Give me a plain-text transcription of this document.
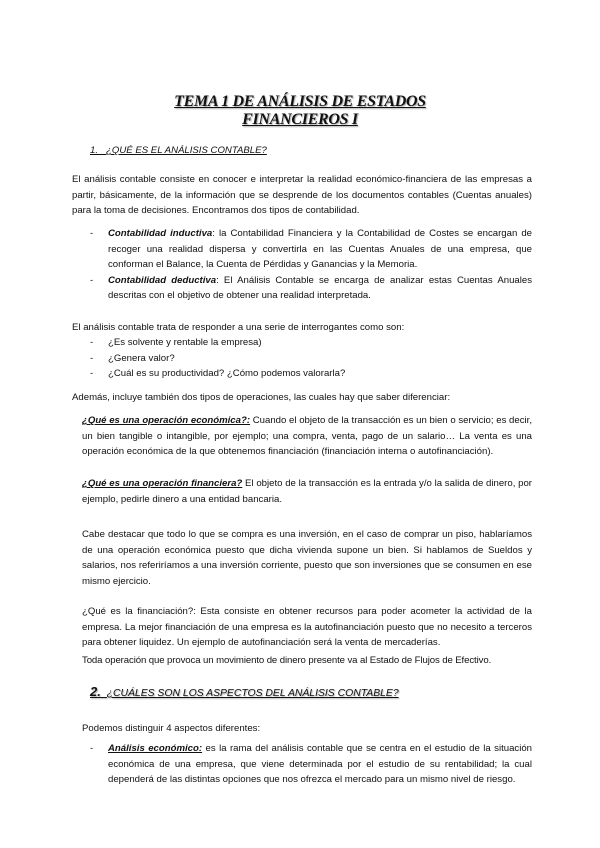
TEMA 1 DE ANÁLISIS DE ESTADOS
FINANCIEROS I
1. ¿QUÉ ES EL ANÁLISIS CONTABLE?
El análisis contable consiste en conocer e interpretar la realidad económico-financiera de las empresas a partir, básicamente, de la información que se desprende de los documentos contables (Cuentas anuales) para la toma de decisiones. Encontramos dos tipos de contabilidad.
- Contabilidad inductiva: la Contabilidad Financiera y la Contabilidad de Costes se encargan de recoger una realidad dispersa y convertirla en las Cuentas Anuales de una empresa, que conforman el Balance, la Cuenta de Pérdidas y Ganancias y la Memoria.
- Contabilidad deductiva: El Análisis Contable se encarga de analizar estas Cuentas Anuales descritas con el objetivo de obtener una realidad interpretada.
El análisis contable trata de responder a una serie de interrogantes como son:
- ¿Es solvente y rentable la empresa)
- ¿Genera valor?
- ¿Cuál es su productividad? ¿Cómo podemos valorarla?
Además, incluye también dos tipos de operaciones, las cuales hay que saber diferenciar:
¿Qué es una operación económica?: Cuando el objeto de la transacción es un bien o servicio; es decir, un bien tangible o intangible, por ejemplo; una compra, venta, pago de un salario… La venta es una operación económica de la que obtenemos financiación (financiación interna o autofinanciación).
¿Qué es una operación financiera? El objeto de la transacción es la entrada y/o la salida de dinero, por ejemplo, pedirle dinero a una entidad bancaria.
Cabe destacar que todo lo que se compra es una inversión, en el caso de comprar un piso, hablaríamos de una operación económica puesto que dicha vivienda supone un bien. Si hablamos de Sueldos y salarios, nos referiríamos a una inversión corriente, puesto que son inversiones que se consumen en ese mismo ejercicio.
¿Qué es la financiación?: Esta consiste en obtener recursos para poder acometer la actividad de la empresa. La mejor financiación de una empresa es la autofinanciación puesto que no necesito a terceros para obtener liquidez. Un ejemplo de autofinanciación será la venta de mercaderías.
Toda operación que provoca un movimiento de dinero presente va al Estado de Flujos de Efectivo.
2. ¿CUÁLES SON LOS ASPECTOS DEL ANÁLISIS CONTABLE?
Podemos distinguir 4 aspectos diferentes:
- Análisis económico: es la rama del análisis contable que se centra en el estudio de la situación económica de una empresa, que viene determinada por el estudio de su rentabilidad; la cual dependerá de las distintas opciones que nos ofrezca el mercado para un mismo nivel de riesgo.
